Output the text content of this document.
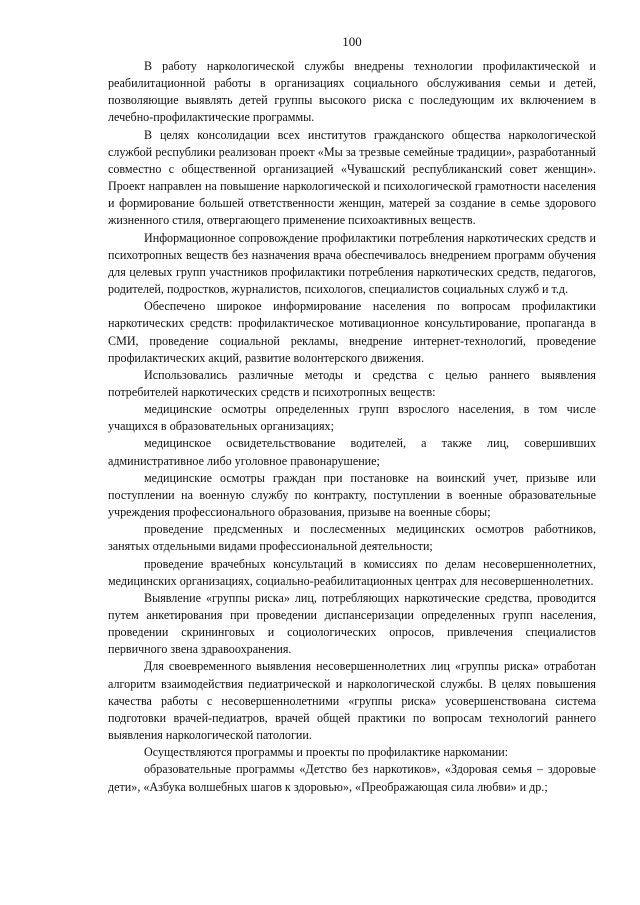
100

В работу наркологической службы внедрены технологии профилактической и реабилитационной работы в организациях социального обслуживания семьи и детей, позволяющие выявлять детей группы высокого риска с последующим их включением в лечебно-профилактические программы.

В целях консолидации всех институтов гражданского общества наркологической службой республики реализован проект «Мы за трезвые семейные традиции», разработанный совместно с общественной организацией «Чувашский республиканский совет женщин». Проект направлен на повышение наркологической и психологической грамотности населения и формирование большей ответственности женщин, матерей за создание в семье здорового жизненного стиля, отвергающего применение психоактивных веществ.

Информационное сопровождение профилактики потребления наркотических средств и психотропных веществ без назначения врача обеспечивалось внедрением программ обучения для целевых групп участников профилактики потребления наркотических средств, педагогов, родителей, подростков, журналистов, психологов, специалистов социальных служб и т.д.

Обеспечено широкое информирование населения по вопросам профилактики наркотических средств: профилактическое мотивационное консультирование, пропаганда в СМИ, проведение социальной рекламы, внедрение интернет-технологий, проведение профилактических акций, развитие волонтерского движения.

Использовались различные методы и средства с целью раннего выявления потребителей наркотических средств и психотропных веществ:

медицинские осмотры определенных групп взрослого населения, в том числе учащихся в образовательных организациях;

медицинское освидетельствование водителей, а также лиц, совершивших административное либо уголовное правонарушение;

медицинские осмотры граждан при постановке на воинский учет, призыве или поступлении на военную службу по контракту, поступлении в военные образовательные учреждения профессионального образования, призыве на военные сборы;

проведение предсменных и послесменных медицинских осмотров работников, занятых отдельными видами профессиональной деятельности;

проведение врачебных консультаций в комиссиях по делам несовершеннолетних, медицинских организациях, социально-реабилитационных центрах для несовершеннолетних.

Выявление «группы риска» лиц, потребляющих наркотические средства, проводится путем анкетирования при проведении диспансеризации определенных групп населения, проведении скрининговых и социологических опросов, привлечения специалистов первичного звена здравоохранения.

Для своевременного выявления несовершеннолетних лиц «группы риска» отработан алгоритм взаимодействия педиатрической и наркологической службы. В целях повышения качества работы с несовершеннолетними «группы риска» усовершенствована система подготовки врачей-педиатров, врачей общей практики по вопросам технологий раннего выявления наркологической патологии.

Осуществляются программы и проекты по профилактике наркомании:

образовательные программы «Детство без наркотиков», «Здоровая семья – здоровые дети», «Азбука волшебных шагов к здоровью», «Преображающая сила любви» и др.;
